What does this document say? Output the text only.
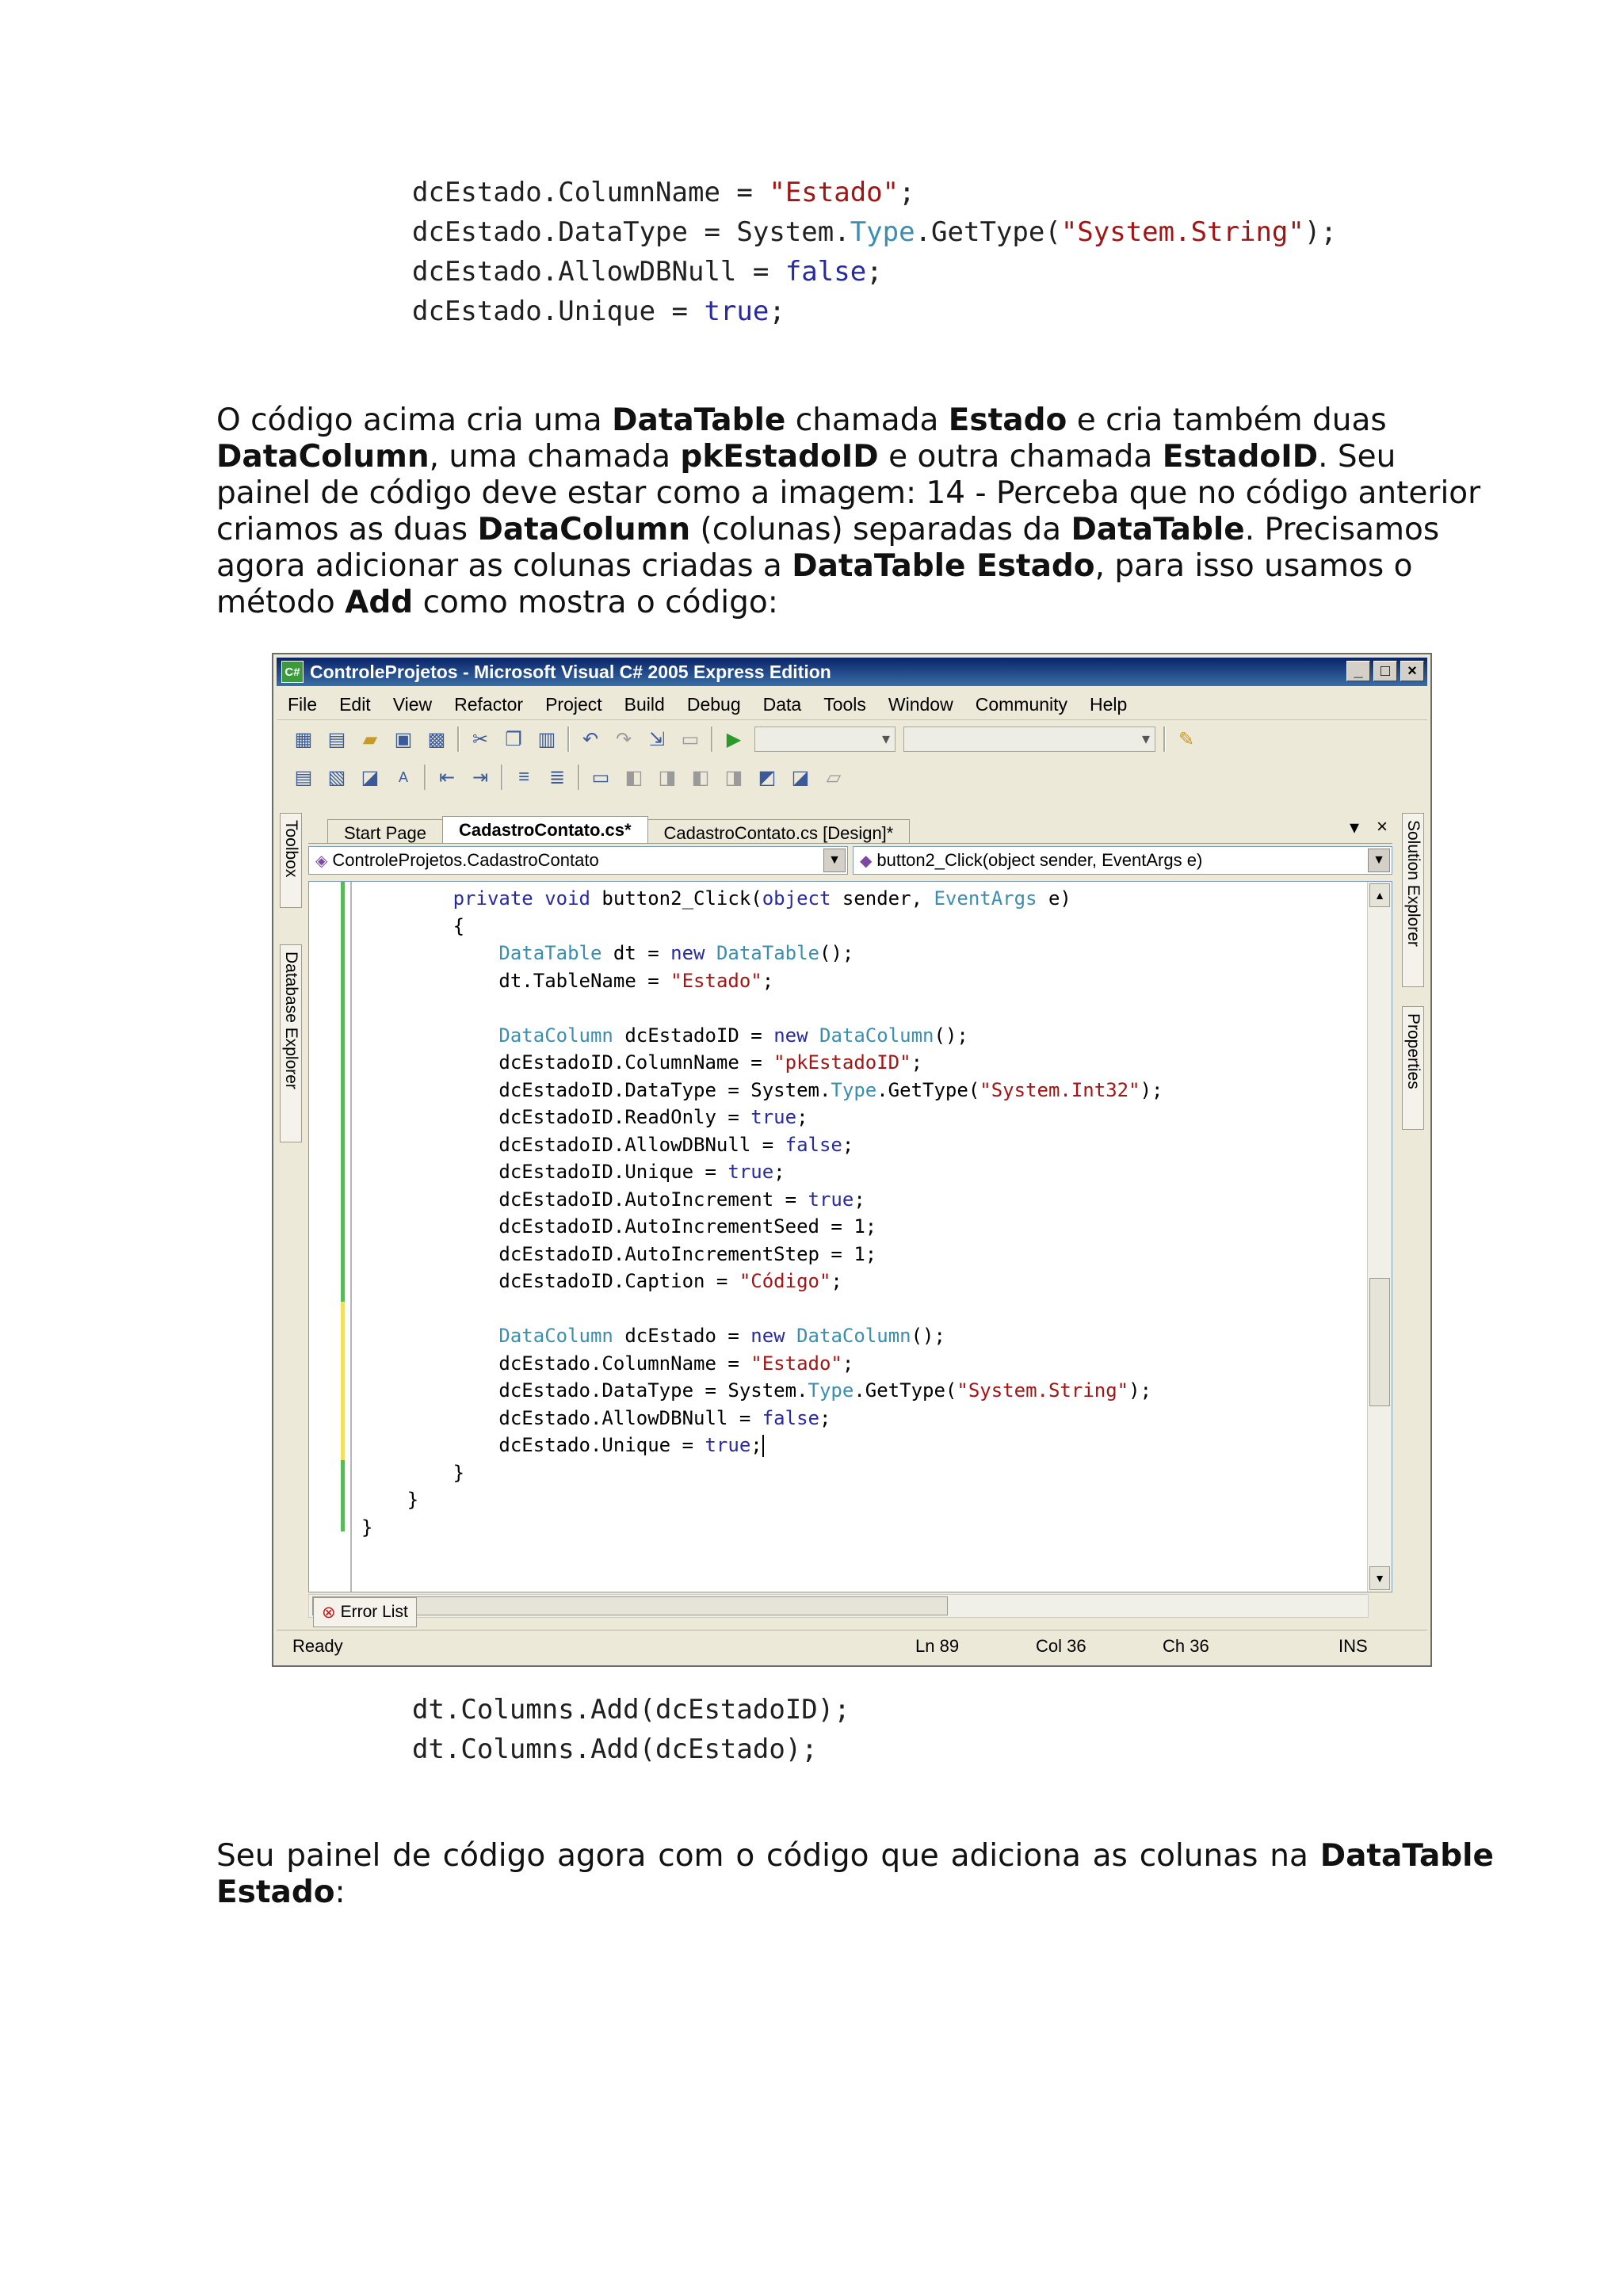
dcEstado.ColumnName = "Estado";
dcEstado.DataType = System.Type.GetType("System.String");
dcEstado.AllowDBNull = false;
dcEstado.Unique = true;

O código acima cria uma DataTable chamada Estado e cria também duas DataColumn, uma chamada pkEstadoID e outra chamada EstadoID. Seu painel de código deve estar como a imagem: 14 - Perceba que no código anterior criamos as duas DataColumn (colunas) separadas da DataTable. Precisamos agora adicionar as colunas criadas a DataTable Estado, para isso usamos o método Add como mostra o código:

C# ControleProjetos - Microsoft Visual C# 2005 Express Edition	_	□	×
File	Edit	View	Refactor	Project	Build	Debug	Data	Tools	Window	Community	Help
▦ ▤ ▰ ▣ ▩ ✂ ❐ ▥ ↶ ↷ ⇲ ▭ ▶ ▾ ▾	✎
▤ ▧ ◪	A	⇤ ⇥	≡	≣ ▭ ◧ ◨ ◧ ◨ ◩ ◪ ▱
Toolbox
Database Explorer
Solution Explorer
Properties
Start Page	CadastroContato.cs*	CadastroContato.cs [Design]*	▾ ×
◈ ControleProjetos.CadastroContato	▼	◆ button2_Click(object sender, EventArgs e)	▼
private void button2_Click(object sender, EventArgs e)
{
DataTable dt = new DataTable();
dt.TableName = "Estado";
DataColumn dcEstadoID = new DataColumn();
dcEstadoID.ColumnName = "pkEstadoID";
dcEstadoID.DataType = System.Type.GetType("System.Int32");
dcEstadoID.ReadOnly = true;
dcEstadoID.AllowDBNull = false;
dcEstadoID.Unique = true;
dcEstadoID.AutoIncrement = true;
dcEstadoID.AutoIncrementSeed = 1;
dcEstadoID.AutoIncrementStep = 1;
dcEstadoID.Caption = "Código";
DataColumn dcEstado = new DataColumn();
dcEstado.ColumnName = "Estado";
dcEstado.DataType = System.Type.GetType("System.String");
dcEstado.AllowDBNull = false;
dcEstado.Unique = true;
}
}
}
▲
▼
⊗ Error List
Ready	Ln 89	Col 36	Ch 36	INS
dt.Columns.Add(dcEstadoID);
dt.Columns.Add(dcEstado);

Seu painel de código agora com o código que adiciona as colunas na DataTable Estado:
